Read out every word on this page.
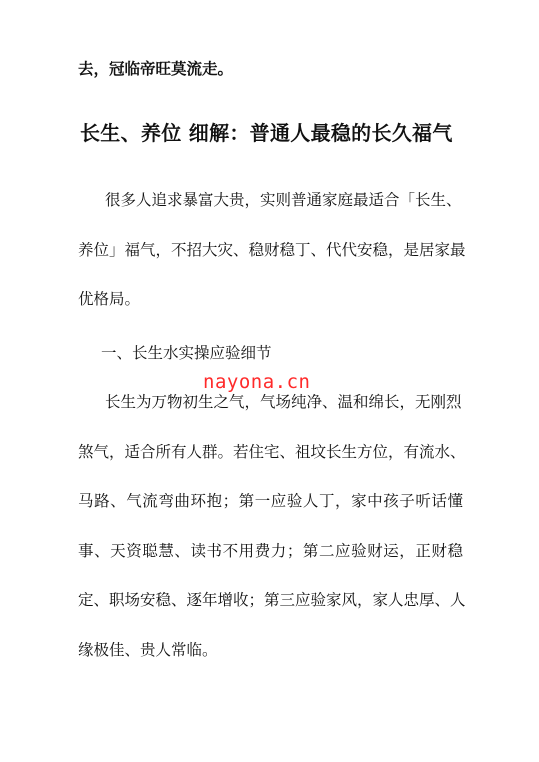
去，冠临帝旺莫流走。
长生、养位 细解：普通人最稳的长久福气
很多人追求暴富大贵，实则普通家庭最适合「长生、
养位」福气，不招大灾、稳财稳丁、代代安稳，是居家最
优格局。
一、长生水实操应验细节
nayona.cn
长生为万物初生之气，气场纯净、温和绵长，无刚烈
煞气，适合所有人群。若住宅、祖坟长生方位，有流水、
马路、气流弯曲环抱；第一应验人丁，家中孩子听话懂
事、天资聪慧、读书不用费力；第二应验财运，正财稳
定、职场安稳、逐年增收；第三应验家风，家人忠厚、人
缘极佳、贵人常临。
